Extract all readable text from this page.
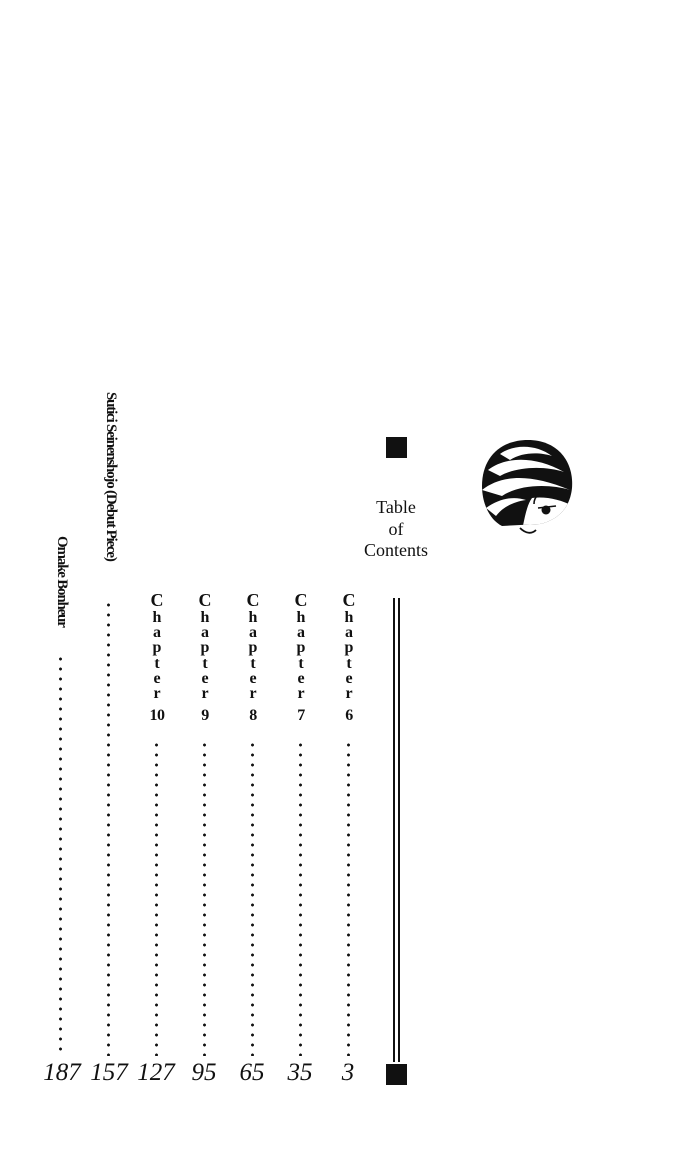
Table
of
Contents
C
h
a
p
t
e
r
6
3
C
h
a
p
t
e
r
7
35
C
h
a
p
t
e
r
8
65
C
h
a
p
t
e
r
9
95
C
h
a
p
t
e
r
10
127
Sutici Seinenshojo (Debut Piece)
157
Omake Bonheur
187
